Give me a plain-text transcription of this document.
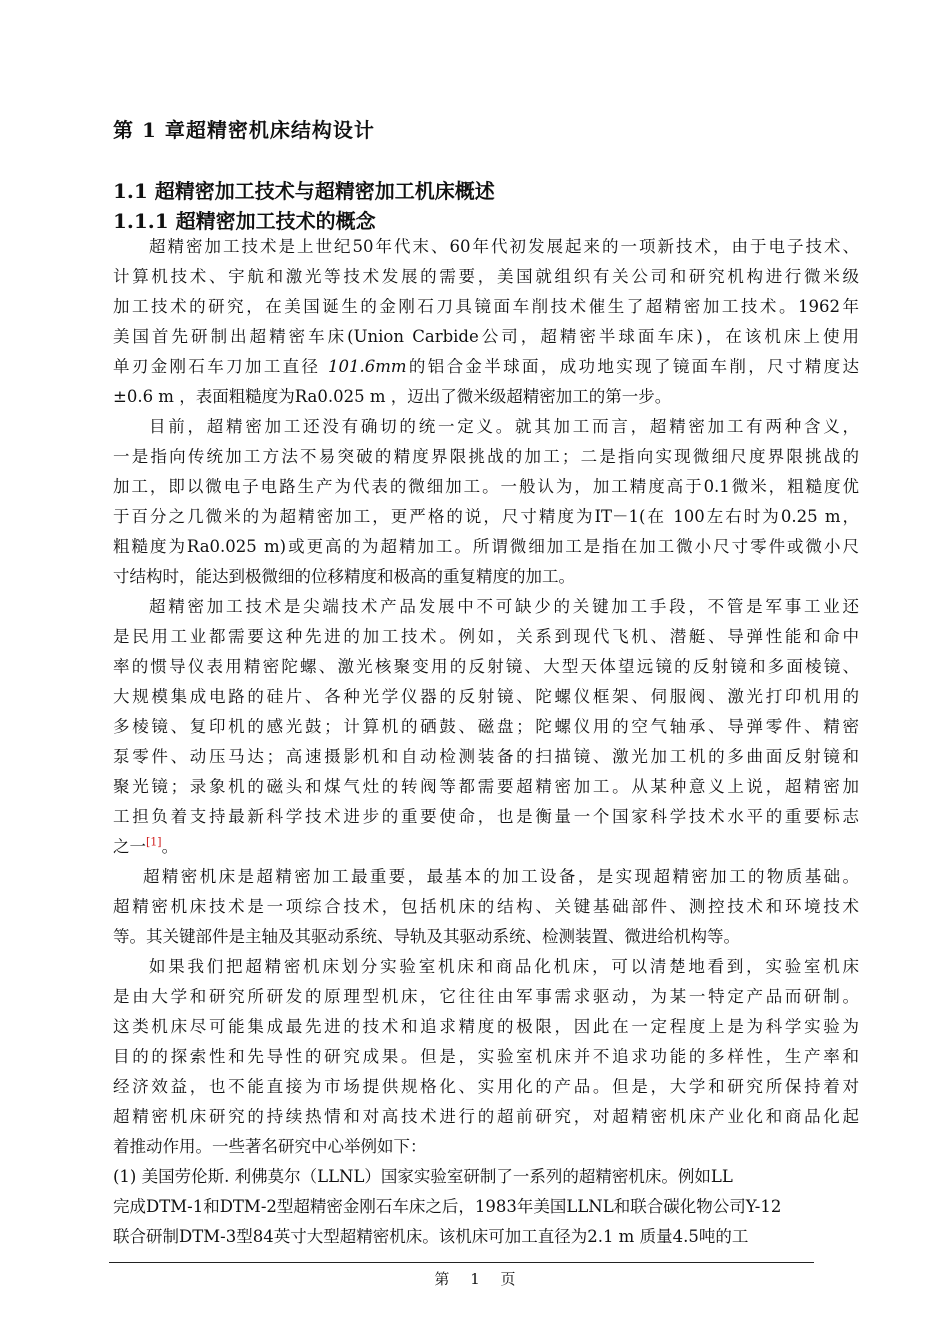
第 1 章超精密机床结构设计
1.1 超精密加工技术与超精密加工机床概述
1.1.1 超精密加工技术的概念
超精密加工技术是上世纪50年代末、60年代初发展起来的一项新技术，由于电子技术、
计算机技术、宇航和激光等技术发展的需要，美国就组织有关公司和研究机构进行微米级
加工技术的研究，在美国诞生的金刚石刀具镜面车削技术催生了超精密加工技术。1962年
美国首先研制出超精密车床(Union Carbide公司，超精密半球面车床)，在该机床上使用
单刃金刚石车刀加工直径 101.6mm的铝合金半球面，成功地实现了镜面车削，尺寸精度达
±0.6 m ，表面粗糙度为Ra0.025 m ，迈出了微米级超精密加工的第一步。
目前，超精密加工还没有确切的统一定义。就其加工而言，超精密加工有两种含义，
一是指向传统加工方法不易突破的精度界限挑战的加工；二是指向实现微细尺度界限挑战的
加工，即以微电子电路生产为代表的微细加工。一般认为，加工精度高于0.1微米，粗糙度优
于百分之几微米的为超精密加工，更严格的说，尺寸精度为IT－1(在 100左右时为0.25 m，
粗糙度为Ra0.025 m)或更高的为超精加工。所谓微细加工是指在加工微小尺寸零件或微小尺
寸结构时，能达到极微细的位移精度和极高的重复精度的加工。
超精密加工技术是尖端技术产品发展中不可缺少的关键加工手段，不管是军事工业还
是民用工业都需要这种先进的加工技术。例如，关系到现代飞机、潜艇、导弹性能和命中
率的惯导仪表用精密陀螺、激光核聚变用的反射镜、大型天体望远镜的反射镜和多面棱镜、
大规模集成电路的硅片、各种光学仪器的反射镜、陀螺仪框架、伺服阀、激光打印机用的
多棱镜、复印机的感光鼓；计算机的硒鼓、磁盘；陀螺仪用的空气轴承、导弹零件、精密
泵零件、动压马达；高速摄影机和自动检测装备的扫描镜、激光加工机的多曲面反射镜和
聚光镜；录象机的磁头和煤气灶的转阀等都需要超精密加工。从某种意义上说，超精密加
工担负着支持最新科学技术进步的重要使命，也是衡量一个国家科学技术水平的重要标志
之一[1]。
超精密机床是超精密加工最重要，最基本的加工设备，是实现超精密加工的物质基础。
超精密机床技术是一项综合技术，包括机床的结构、关键基础部件、测控技术和环境技术
等。其关键部件是主轴及其驱动系统、导轨及其驱动系统、检测装置、微进给机构等。
如果我们把超精密机床划分实验室机床和商品化机床，可以清楚地看到，实验室机床
是由大学和研究所研发的原理型机床，它往往由军事需求驱动，为某一特定产品而研制。
这类机床尽可能集成最先进的技术和追求精度的极限，因此在一定程度上是为科学实验为
目的的探索性和先导性的研究成果。但是，实验室机床并不追求功能的多样性，生产率和
经济效益，也不能直接为市场提供规格化、实用化的产品。但是，大学和研究所保持着对
超精密机床研究的持续热情和对高技术进行的超前研究，对超精密机床产业化和商品化起
着推动作用。一些著名研究中心举例如下：
(1) 美国劳伦斯. 利佛莫尔（LLNL）国家实验室研制了一系列的超精密机床。例如LL
完成DTM-1和DTM-2型超精密金刚石车床之后，1983年美国LLNL和联合碳化物公司Y-12
联合研制DTM-3型84英寸大型超精密机床。该机床可加工直径为2.1 m 质量4.5吨的工
第 1 页
